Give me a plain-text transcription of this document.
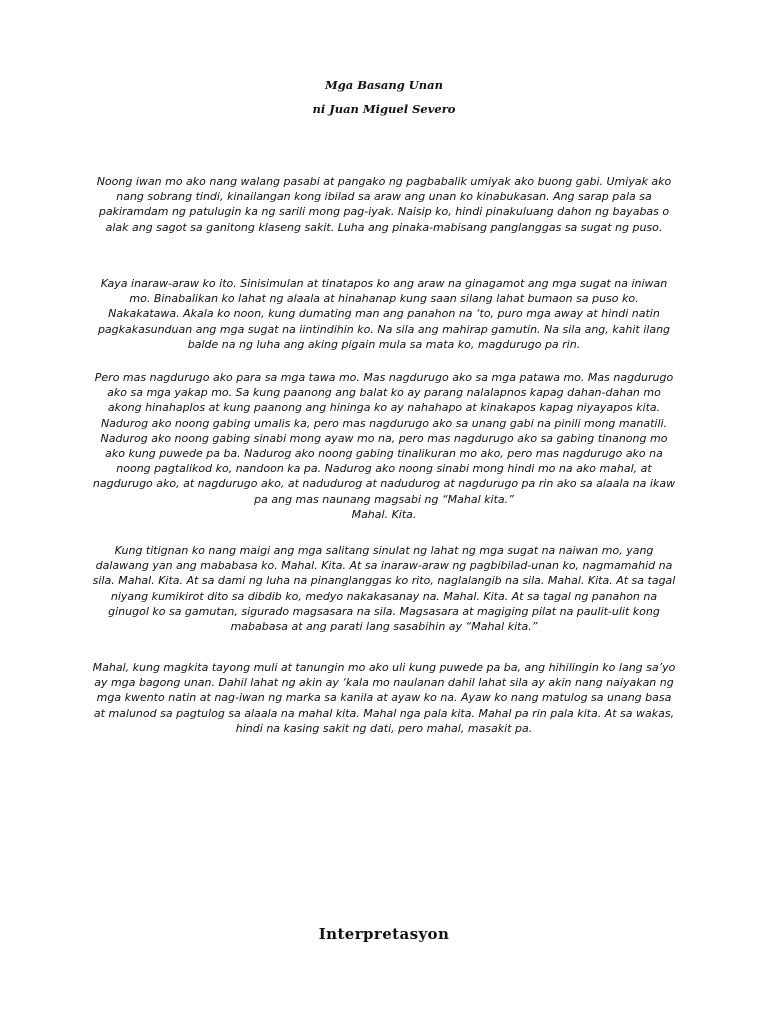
Mga Basang Unan

ni Juan Miguel Severo

Noong iwan mo ako nang walang pasabi at pangako ng pagbabalik umiyak ako buong gabi. Umiyak ako nang sobrang tindi, kinailangan kong ibilad sa araw ang unan ko kinabukasan. Ang sarap pala sa pakiramdam ng patulugin ka ng sarili mong pag-iyak. Naisip ko, hindi pinakuluang dahon ng bayabas o alak ang sagot sa ganitong klaseng sakit. Luha ang pinaka-mabisang panglanggas sa sugat ng puso.

Kaya inaraw-araw ko ito. Sinisimulan at tinatapos ko ang araw na ginagamot ang mga sugat na iniwan mo. Binabalikan ko lahat ng alaala at hinahanap kung saan silang lahat bumaon sa puso ko. Nakakatawa. Akala ko noon, kung dumating man ang panahon na ‘to, puro mga away at hindi natin pagkakasunduan ang mga sugat na iintindihin ko. Na sila ang mahirap gamutin. Na sila ang, kahit ilang balde na ng luha ang aking pigain mula sa mata ko, magdurugo pa rin.

Pero mas nagdurugo ako para sa mga tawa mo. Mas nagdurugo ako sa mga patawa mo. Mas nagdurugo ako sa mga yakap mo. Sa kung paanong ang balat ko ay parang nalalapnos kapag dahan-dahan mo akong hinahaplos at kung paanong ang hininga ko ay nahahapo at kinakapos kapag niyayapos kita. Nadurog ako noong gabing umalis ka, pero mas nagdurugo ako sa unang gabi na pinili mong manatili. Nadurog ako noong gabing sinabi mong ayaw mo na, pero mas nagdurugo ako sa gabing tinanong mo ako kung puwede pa ba. Nadurog ako noong gabing tinalikuran mo ako, pero mas nagdurugo ako na noong pagtalikod ko, nandoon ka pa. Nadurog ako noong sinabi mong hindi mo na ako mahal, at nagdurugo ako, at nagdurugo ako, at nadudurog at nadudurog at nagdurugo pa rin ako sa alaala na ikaw pa ang mas naunang magsabi ng “Mahal kita.”
Mahal. Kita.

Kung titignan ko nang maigi ang mga salitang sinulat ng lahat ng mga sugat na naiwan mo, yang dalawang yan ang mababasa ko. Mahal. Kita. At sa inaraw-araw ng pagbibilad-unan ko, nagmamahid na sila. Mahal. Kita. At sa dami ng luha na pinanglanggas ko rito, naglalangib na sila. Mahal. Kita. At sa tagal niyang kumikirot dito sa dibdib ko, medyo nakakasanay na. Mahal. Kita. At sa tagal ng panahon na ginugol ko sa gamutan, sigurado magsasara na sila. Magsasara at magiging pilat na paulit-ulit kong mababasa at ang parati lang sasabihin ay “Mahal kita.”

Mahal, kung magkita tayong muli at tanungin mo ako uli kung puwede pa ba, ang hihilingin ko lang sa’yo ay mga bagong unan. Dahil lahat ng akin ay ‘kala mo naulanan dahil lahat sila ay akin nang naiyakan ng mga kwento natin at nag-iwan ng marka sa kanila at ayaw ko na. Ayaw ko nang matulog sa unang basa at malunod sa pagtulog sa alaala na mahal kita. Mahal nga pala kita. Mahal pa rin pala kita. At sa wakas, hindi na kasing sakit ng dati, pero mahal, masakit pa.

Interpretasyon
